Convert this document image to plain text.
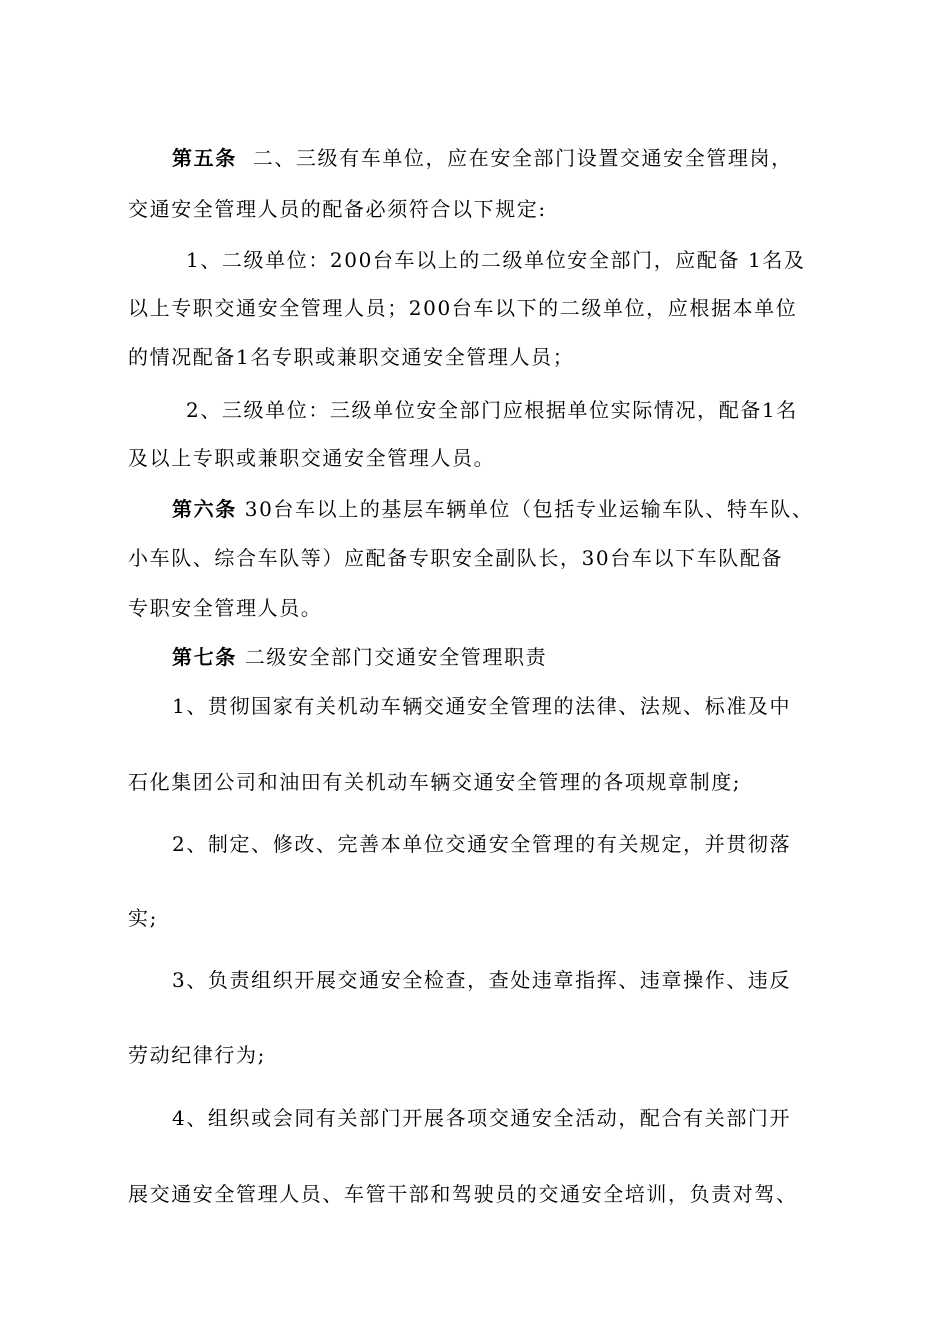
第五条 二、三级有车单位，应在安全部门设置交通安全管理岗，
交通安全管理人员的配备必须符合以下规定:
1、二级单位：200台车以上的二级单位安全部门，应配备 1名及
以上专职交通安全管理人员；200台车以下的二级单位，应根据本单位
的情况配备1名专职或兼职交通安全管理人员；
2、三级单位：三级单位安全部门应根据单位实际情况，配备1名
及以上专职或兼职交通安全管理人员。
第六条 30台车以上的基层车辆单位（包括专业运输车队、特车队、
小车队、综合车队等）应配备专职安全副队长，30台车以下车队配备
专职安全管理人员。
第七条 二级安全部门交通安全管理职责
1、贯彻国家有关机动车辆交通安全管理的法律、法规、标准及中
石化集团公司和油田有关机动车辆交通安全管理的各项规章制度;
2、制定、修改、完善本单位交通安全管理的有关规定，并贯彻落
实;
3、负责组织开展交通安全检查，查处违章指挥、违章操作、违反
劳动纪律行为;
4、组织或会同有关部门开展各项交通安全活动，配合有关部门开
展交通安全管理人员、车管干部和驾驶员的交通安全培训，负责对驾、
